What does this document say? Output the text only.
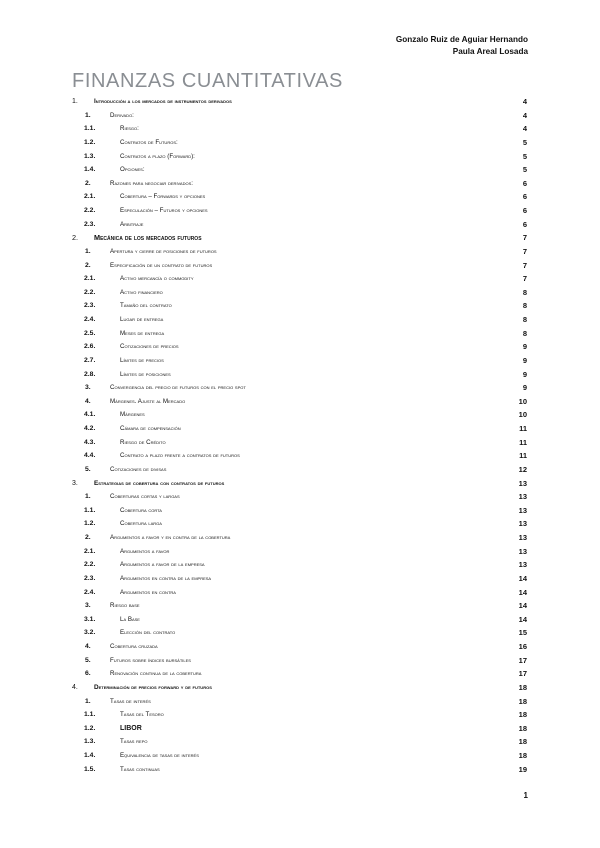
Gonzalo Ruiz de Aguiar Hernando
Paula Areal Losada
FINANZAS CUANTITATIVAS
1.	Introducción a los mercados de instrumentos derivados	4
1.	Derivado:	4
1.1.	Riesgo:	4
1.2.	Contratos de Futuros:	5
1.3.	Contratos a plazo (Forward):	5
1.4.	Opciones:	5
2.	Razones para negociar derivados:	6
2.1.	Cobertura – Forwards y opciones	6
2.2.	Especulación – Futuros y opciones	6
2.3.	Arbitraje	6
2. Mecánica de los mercados futuros	7
1.	Apertura y cierre de posiciones de futuros	7
2.	Especificación de un contrato de futuros	7
2.1.	Activo mercancía o commodity	7
2.2.	Activo financiero	8
2.3.	Tamaño del contrato	8
2.4.	Lugar de entrega	8
2.5.	Meses de entrega	8
2.6.	Cotizaciones de precios	9
2.7.	Límites de precios	9
2.8.	Límites de posiciones	9
3.	Convergencia del precio de futuros con el precio spot	9
4.	Márgenes. Ajuste al Mercado	10
4.1.	Márgenes	10
4.2.	Cámara de compensación	11
4.3.	Riesgo de Crédito	11
4.4.	Contrato a plazo frente a contratos de futuros	11
5.	Cotizaciones de divisas	12
3.	Estrategias de cobertura con contratos de futuros	13
1.	Coberturas cortas y largas	13
1.1.	Cobertura corta	13
1.2.	Cobertura larga	13
2.	Argumentos a favor y en contra de la cobertura	13
2.1.	Argumentos a favor	13
2.2.	Argumentos a favor de la empresa	13
2.3.	Argumentos en contra de la empresa	14
2.4.	Argumentos en contra	14
3.	Riesgo base	14
3.1.	La Base	14
3.2.	Elección del contrato	15
4.	Cobertura cruzada	16
5.	Futuros sobre índices bursátiles	17
6.	Renovación continua de la cobertura	17
4.	Determinación de precios forward y de futuros	18
1.	Tasas de interés	18
1.1.	Tasas del Tesoro	18
1.2.	LIBOR	18
1.3.	Tasas repo	18
1.4.	Equivalencia de tasas de interés	18
1.5.	Tasas continuas	19
1
